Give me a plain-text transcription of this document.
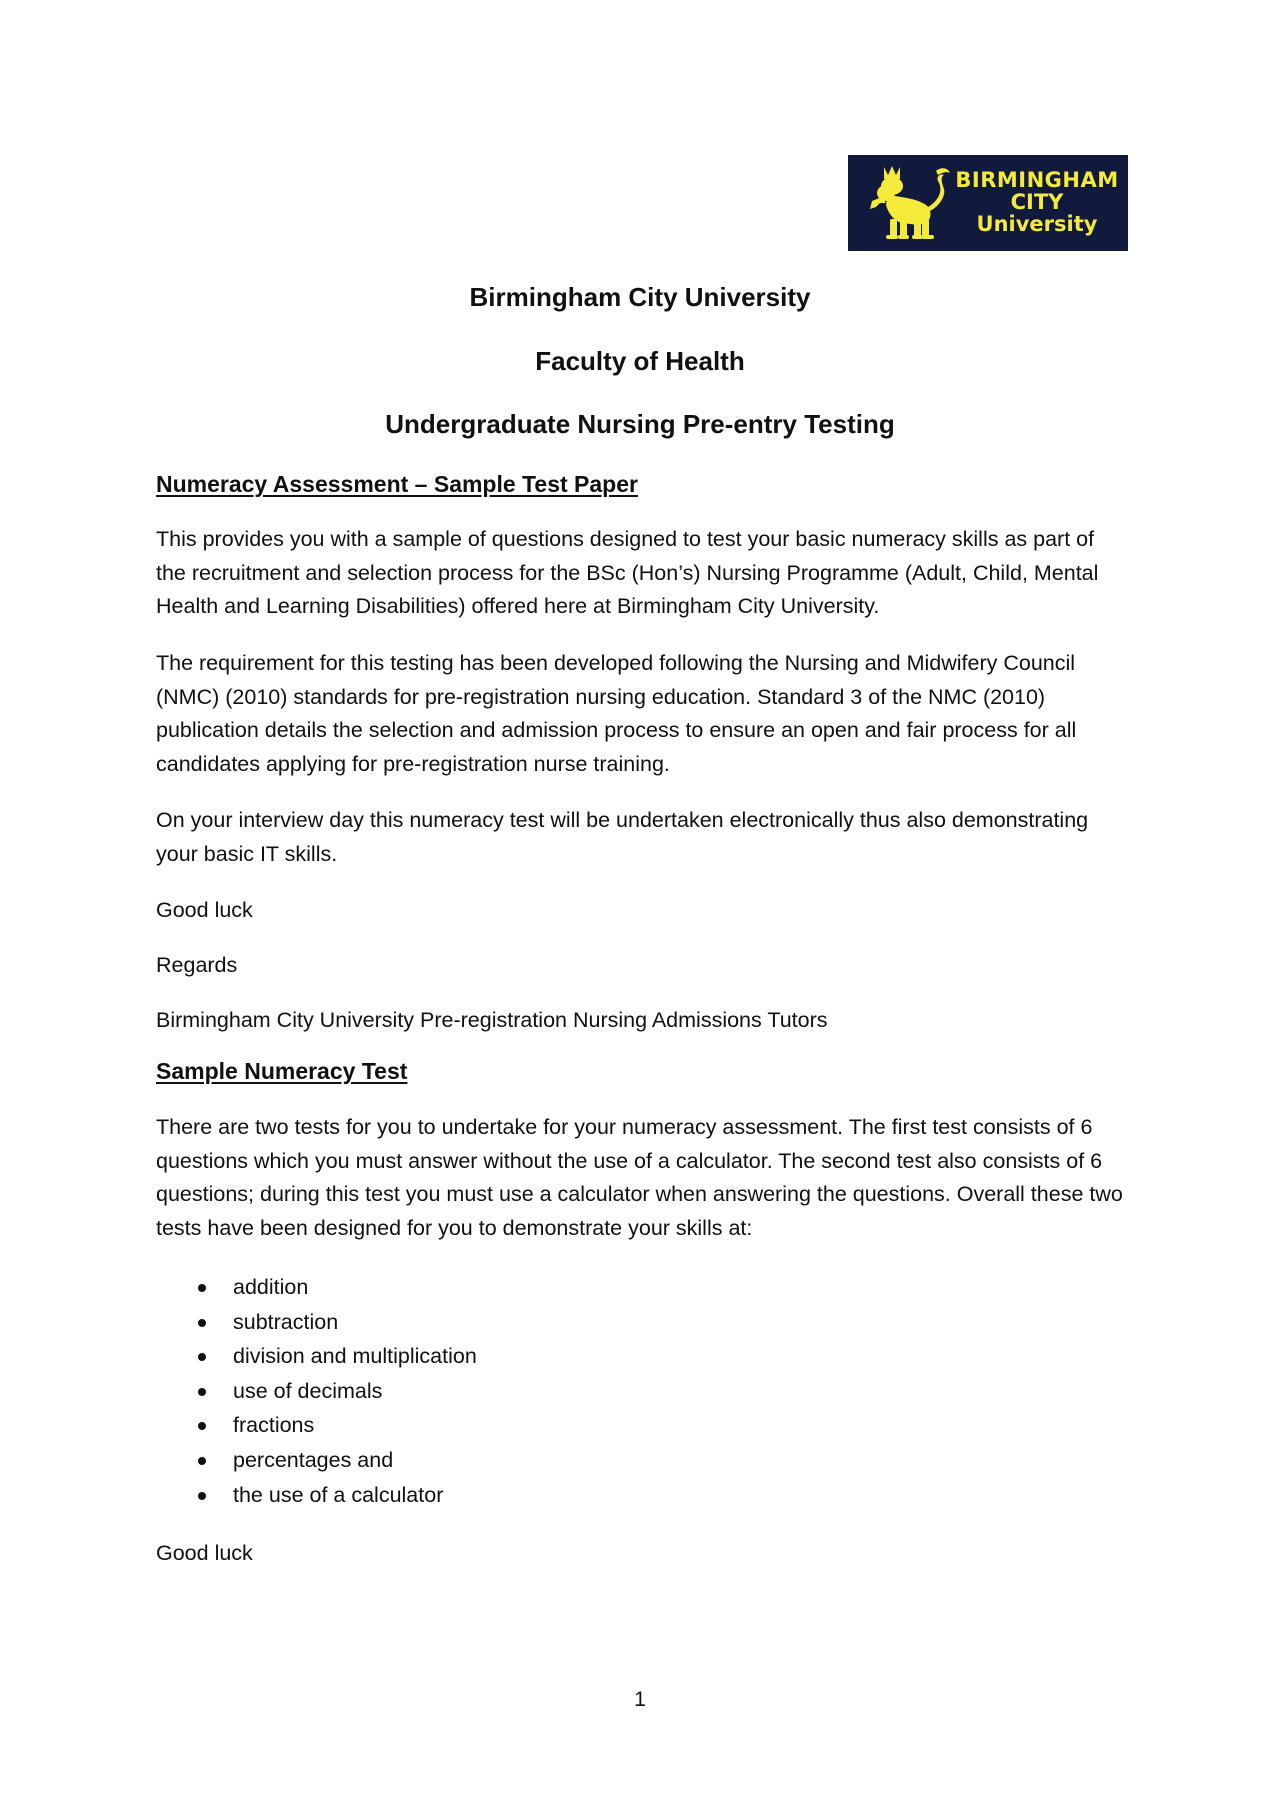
BIRMINGHAM
CITY
University
Birmingham City University
Faculty of Health
Undergraduate Nursing Pre-entry Testing
Numeracy Assessment – Sample Test Paper

This provides you with a sample of questions designed to test your basic numeracy skills as part of the recruitment and selection process for the BSc (Hon’s) Nursing Programme (Adult, Child, Mental Health and Learning Disabilities) offered here at Birmingham City University.

The requirement for this testing has been developed following the Nursing and Midwifery Council (NMC) (2010) standards for pre-registration nursing education. Standard 3 of the NMC (2010) publication details the selection and admission process to ensure an open and fair process for all candidates applying for pre-registration nurse training.

On your interview day this numeracy test will be undertaken electronically thus also demonstrating your basic IT skills.

Good luck

Regards

Birmingham City University Pre-registration Nursing Admissions Tutors

Sample Numeracy Test

There are two tests for you to undertake for your numeracy assessment. The first test consists of 6 questions which you must answer without the use of a calculator. The second test also consists of 6 questions; during this test you must use a calculator when answering the questions. Overall these two tests have been designed for you to demonstrate your skills at:

addition
subtraction
division and multiplication
use of decimals
fractions
percentages and
the use of a calculator

Good luck

1
